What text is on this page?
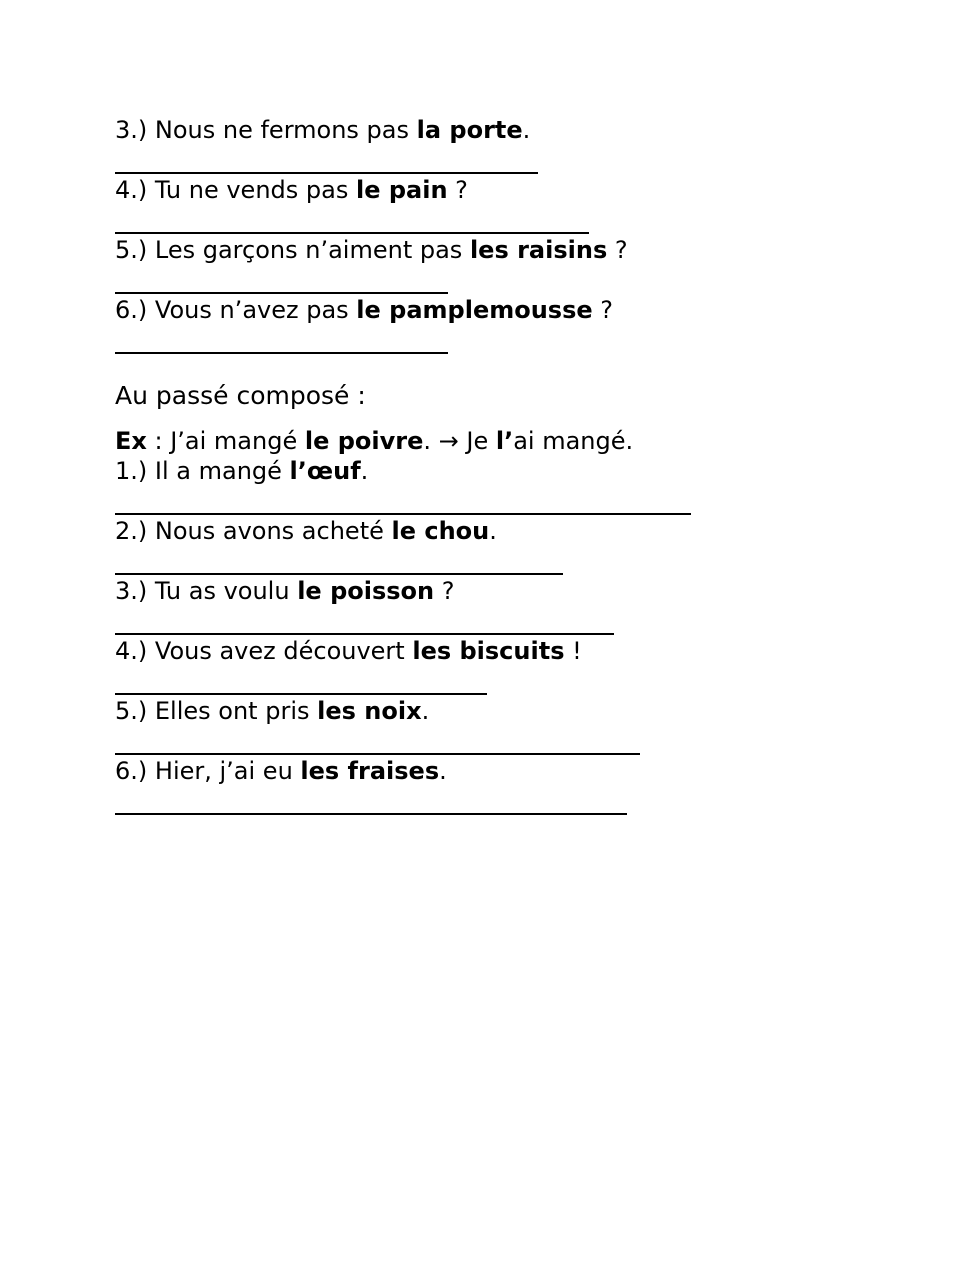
3.) Nous ne fermons pas la porte.
4.) Tu ne vends pas le pain ?
5.) Les garçons n’aiment pas les raisins ?
6.) Vous n’avez pas le pamplemousse ?
Au passé composé :
Ex : J’ai mangé le poivre. → Je l’ai mangé.
1.) Il a mangé l’œuf.
2.) Nous avons acheté le chou.
3.) Tu as voulu le poisson ?
4.) Vous avez découvert les biscuits !
5.) Elles ont pris les noix.
6.) Hier, j’ai eu les fraises.
